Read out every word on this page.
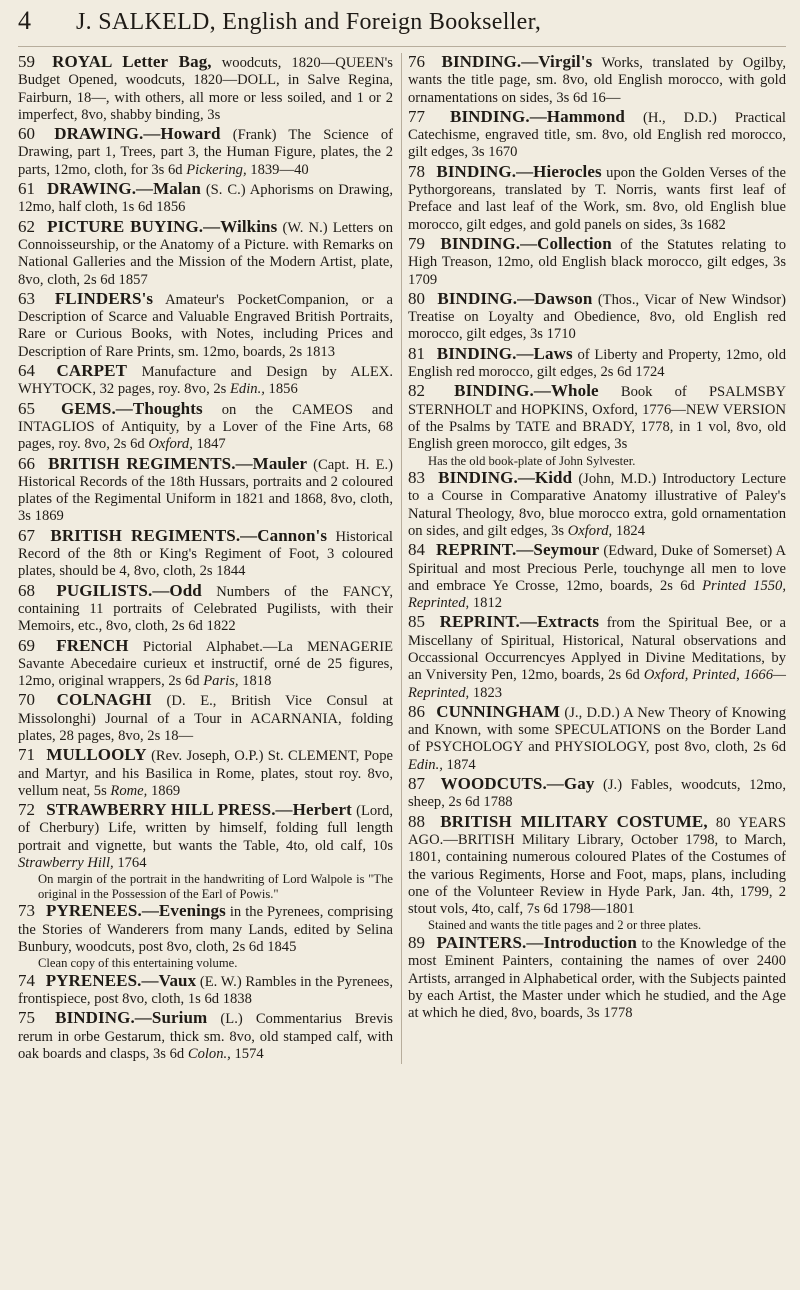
4	J. SALKELD, English and Foreign Bookseller,
59 ROYAL Letter Bag, woodcuts, 1820—QUEEN's Budget Opened, woodcuts, 1820—DOLL, in Salve Regina, Fairburn, 18—, with others, all more or less soiled, and 1 or 2 imperfect, 8vo, shabby binding, 3s
60 DRAWING.—Howard (Frank) The Science of Drawing, part 1, Trees, part 3, the Human Figure, plates, the 2 parts, 12mo, cloth, for 3s 6d Pickering, 1839—40
61 DRAWING.—Malan (S. C.) Aphorisms on Drawing, 12mo, half cloth, 1s 6d 1856
62 PICTURE BUYING.—Wilkins (W. N.) Letters on Connoisseurship, or the Anatomy of a Picture. with Remarks on National Galleries and the Mission of the Modern Artist, plate, 8vo, cloth, 2s 6d 1857
63 FLINDERS's Amateur's PocketCompanion, or a Description of Scarce and Valuable Engraved British Portraits, Rare or Curious Books, with Notes, including Prices and Description of Rare Prints, sm. 12mo, boards, 2s 1813
64 CARPET Manufacture and Design by ALEX. WHYTOCK, 32 pages, roy. 8vo, 2s Edin., 1856
65 GEMS.—Thoughts on the CAMEOS and INTAGLIOS of Antiquity, by a Lover of the Fine Arts, 68 pages, roy. 8vo, 2s 6d Oxford, 1847
66 BRITISH REGIMENTS.—Mauler (Capt. H. E.) Historical Records of the 18th Hussars, portraits and 2 coloured plates of the Regimental Uniform in 1821 and 1868, 8vo, cloth, 3s 1869
67 BRITISH REGIMENTS.—Cannon's Historical Record of the 8th or King's Regiment of Foot, 3 coloured plates, should be 4, 8vo, cloth, 2s 1844
68 PUGILISTS.—Odd Numbers of the FANCY, containing 11 portraits of Celebrated Pugilists, with their Memoirs, etc., 8vo, cloth, 2s 6d 1822
69 FRENCH Pictorial Alphabet.—La MENAGERIE Savante Abecedaire curieux et instructif, orné de 25 figures, 12mo, original wrappers, 2s 6d Paris, 1818
70 COLNAGHI (D. E., British Vice Consul at Missolonghi) Journal of a Tour in ACARNANIA, folding plates, 28 pages, 8vo, 2s 18—
71 MULLOOLY (Rev. Joseph, O.P.) St. CLEMENT, Pope and Martyr, and his Basilica in Rome, plates, stout roy. 8vo, vellum neat, 5s Rome, 1869
72 STRAWBERRY HILL PRESS.—Herbert (Lord, of Cherbury) Life, written by himself, folding full length portrait and vignette, but wants the Table, 4to, old calf, 10s Strawberry Hill, 1764
On margin of the portrait in the handwriting of Lord Walpole is "The original in the Possession of the Earl of Powis."
73 PYRENEES.—Evenings in the Pyrenees, comprising the Stories of Wanderers from many Lands, edited by Selina Bunbury, woodcuts, post 8vo, cloth, 2s 6d 1845
Clean copy of this entertaining volume.
74 PYRENEES.—Vaux (E. W.) Rambles in the Pyrenees, frontispiece, post 8vo, cloth, 1s 6d 1838
75 BINDING.—Surium (L.) Commentarius Brevis rerum in orbe Gestarum, thick sm. 8vo, old stamped calf, with oak boards and clasps, 3s 6d Colon., 1574
76 BINDING.—Virgil's Works, translated by Ogilby, wants the title page, sm. 8vo, old English morocco, with gold ornamentations on sides, 3s 6d 16—
77 BINDING.—Hammond (H., D.D.) Practical Catechisme, engraved title, sm. 8vo, old English red morocco, gilt edges, 3s 1670
78 BINDING.—Hierocles upon the Golden Verses of the Pythorgoreans, translated by T. Norris, wants first leaf of Preface and last leaf of the Work, sm. 8vo, old English blue morocco, gilt edges, and gold panels on sides, 3s 1682
79 BINDING.—Collection of the Statutes relating to High Treason, 12mo, old English black morocco, gilt edges, 3s 1709
80 BINDING.—Dawson (Thos., Vicar of New Windsor) Treatise on Loyalty and Obedience, 8vo, old English red morocco, gilt edges, 3s 1710
81 BINDING.—Laws of Liberty and Property, 12mo, old English red morocco, gilt edges, 2s 6d 1724
82 BINDING.—Whole Book of PSALMSBY STERNHOLT and HOPKINS, Oxford, 1776—NEW VERSION of the Psalms by TATE and BRADY, 1778, in 1 vol, 8vo, old English green morocco, gilt edges, 3s
Has the old book-plate of John Sylvester.
83 BINDING.—Kidd (John, M.D.) Introductory Lecture to a Course in Comparative Anatomy illustrative of Paley's Natural Theology, 8vo, blue morocco extra, gold ornamentation on sides, and gilt edges, 3s Oxford, 1824
84 REPRINT.—Seymour (Edward, Duke of Somerset) A Spiritual and most Precious Perle, touchynge all men to love and embrace Ye Crosse, 12mo, boards, 2s 6d Printed 1550, Reprinted, 1812
85 REPRINT.—Extracts from the Spiritual Bee, or a Miscellany of Spiritual, Historical, Natural observations and Occassional Occurrencyes Applyed in Divine Meditations, by an Vniversity Pen, 12mo, boards, 2s 6d Oxford, Printed, 1666—Reprinted, 1823
86 CUNNINGHAM (J., D.D.) A New Theory of Knowing and Known, with some SPECULATIONS on the Border Land of PSYCHOLOGY and PHYSIOLOGY, post 8vo, cloth, 2s 6d Edin., 1874
87 WOODCUTS.—Gay (J.) Fables, woodcuts, 12mo, sheep, 2s 6d 1788
88 BRITISH MILITARY COSTUME, 80 YEARS AGO.—BRITISH Military Library, October 1798, to March, 1801, containing numerous coloured Plates of the Costumes of the various Regiments, Horse and Foot, maps, plans, including one of the Volunteer Review in Hyde Park, Jan. 4th, 1799, 2 stout vols, 4to, calf, 7s 6d 1798—1801
Stained and wants the title pages and 2 or three plates.
89 PAINTERS.—Introduction to the Knowledge of the most Eminent Painters, containing the names of over 2400 Artists, arranged in Alphabetical order, with the Subjects painted by each Artist, the Master under which he studied, and the Age at which he died, 8vo, boards, 3s 1778
